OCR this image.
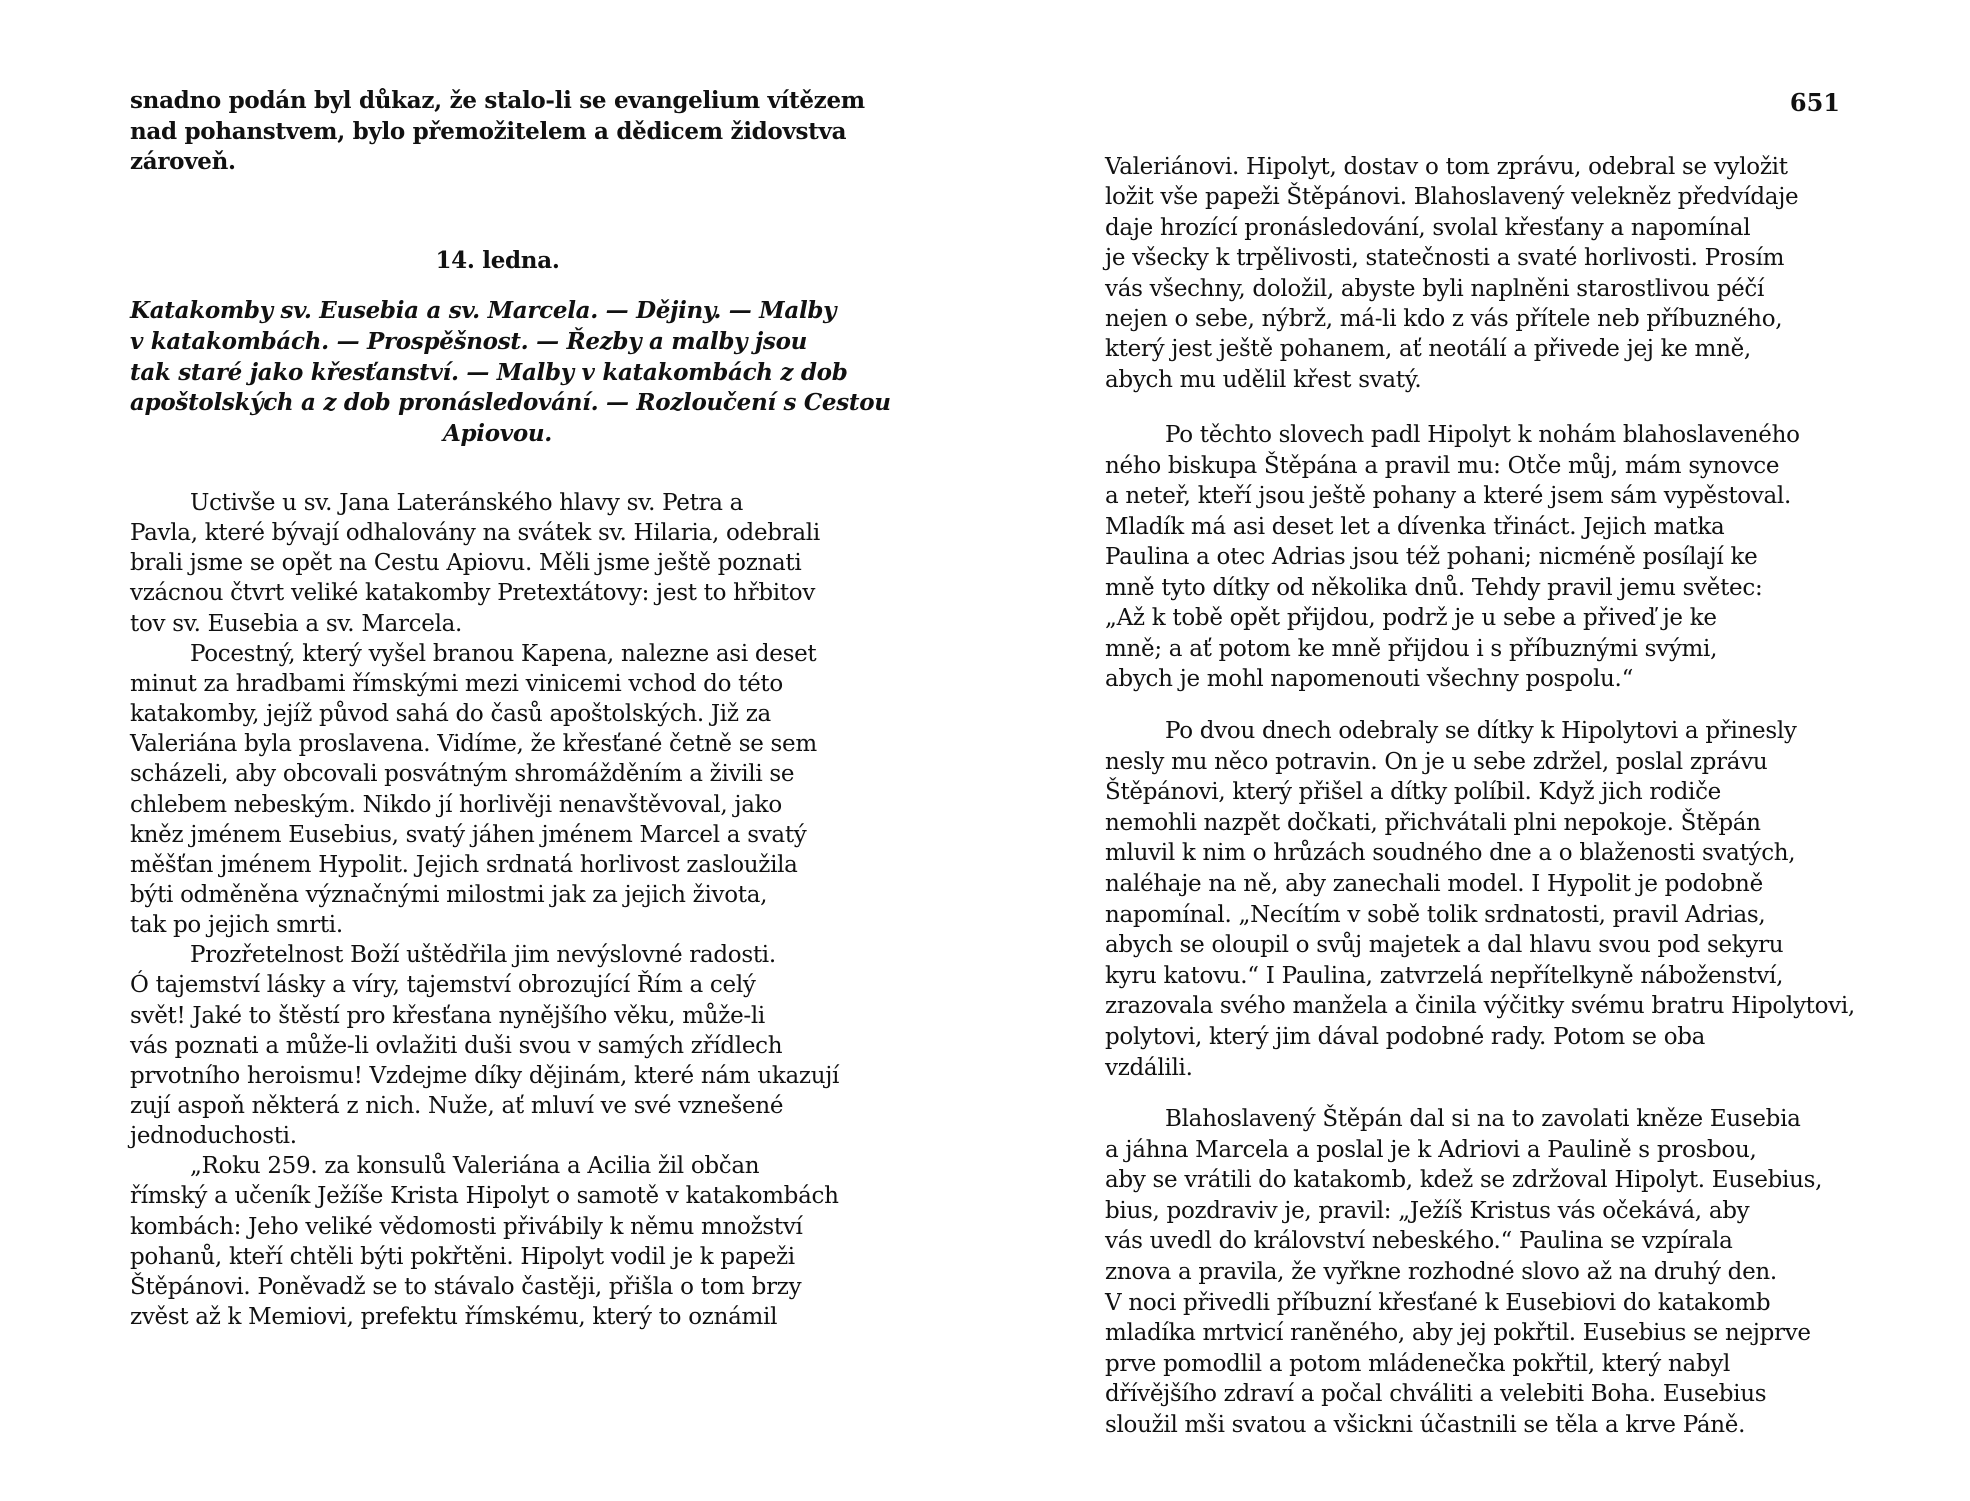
snadno podán byl důkaz, že stalo-li se evangelium vítězem
nad pohanstvem, bylo přemožitelem a dědicem židovstva
zároveň.
14. ledna.
Katakomby sv. Eusebia a sv. Marcela. — Dějiny. — Malby
v katakombách. — Prospěšnost. — Řezby a malby jsou
tak staré jako křesťanství. — Malby v katakombách z dob
apoštolských a z dob pronásledování. — Rozloučení s Cestou
Apiovou.
Uctivše u sv. Jana Lateránského hlavy sv. Petra a
Pavla, které bývají odhalovány na svátek sv. Hilaria, odebrali
brali jsme se opět na Cestu Apiovu. Měli jsme ještě poznati
vzácnou čtvrt veliké katakomby Pretextátovy: jest to hřbitov
tov sv. Eusebia a sv. Marcela.
Pocestný, který vyšel branou Kapena, nalezne asi deset
minut za hradbami římskými mezi vinicemi vchod do této
katakomby, jejíž původ sahá do časů apoštolských. Již za
Valeriána byla proslavena. Vidíme, že křesťané četně se sem
scházeli, aby obcovali posvátným shromážděním a živili se
chlebem nebeským. Nikdo jí horlivěji nenavštěvoval, jako
kněz jménem Eusebius, svatý jáhen jménem Marcel a svatý
měšťan jménem Hypolit. Jejich srdnatá horlivost zasloužila
býti odměněna význačnými milostmi jak za jejich života,
tak po jejich smrti.
Prozřetelnost Boží uštědřila jim nevýslovné radosti.
Ó tajemství lásky a víry, tajemství obrozující Řím a celý
svět! Jaké to štěstí pro křesťana nynějšího věku, může-li
vás poznati a může-li ovlažiti duši svou v samých zřídlech
prvotního heroismu! Vzdejme díky dějinám, které nám ukazují
zují aspoň některá z nich. Nuže, ať mluví ve své vznešené
jednoduchosti.
„Roku 259. za konsulů Valeriána a Acilia žil občan
římský a učeník Ježíše Krista Hipolyt o samotě v katakombách
kombách: Jeho veliké vědomosti přivábily k němu množství
pohanů, kteří chtěli býti pokřtěni. Hipolyt vodil je k papeži
Štěpánovi. Poněvadž se to stávalo častěji, přišla o tom brzy
zvěst až k Memiovi, prefektu římskému, který to oznámil
651
Valeriánovi. Hipolyt, dostav o tom zprávu, odebral se vyložit
ložit vše papeži Štěpánovi. Blahoslavený velekněz předvídaje
daje hrozící pronásledování, svolal křesťany a napomínal
je všecky k trpělivosti, statečnosti a svaté horlivosti. Prosím
vás všechny, doložil, abyste byli naplněni starostlivou péčí
nejen o sebe, nýbrž, má-li kdo z vás přítele neb příbuzného,
který jest ještě pohanem, ať neotálí a přivede jej ke mně,
abych mu udělil křest svatý.
Po těchto slovech padl Hipolyt k nohám blahoslaveného
ného biskupa Štěpána a pravil mu: Otče můj, mám synovce
a neteř, kteří jsou ještě pohany a které jsem sám vypěstoval.
Mladík má asi deset let a dívenka třináct. Jejich matka
Paulina a otec Adrias jsou též pohani; nicméně posílají ke
mně tyto dítky od několika dnů. Tehdy pravil jemu světec:
„Až k tobě opět přijdou, podrž je u sebe a přiveď je ke
mně; a ať potom ke mně přijdou i s příbuznými svými,
abych je mohl napomenouti všechny pospolu.“
Po dvou dnech odebraly se dítky k Hipolytovi a přinesly
nesly mu něco potravin. On je u sebe zdržel, poslal zprávu
Štěpánovi, který přišel a dítky políbil. Když jich rodiče
nemohli nazpět dočkati, přichvátali plni nepokoje. Štěpán
mluvil k nim o hrůzách soudného dne a o blaženosti svatých,
naléhaje na ně, aby zanechali model. I Hypolit je podobně
napomínal. „Necítím v sobě tolik srdnatosti, pravil Adrias,
abych se oloupil o svůj majetek a dal hlavu svou pod sekyru
kyru katovu.“ I Paulina, zatvrzelá nepřítelkyně náboženství,
zrazovala svého manžela a činila výčitky svému bratru Hipolytovi,
polytovi, který jim dával podobné rady. Potom se oba
vzdálili.
Blahoslavený Štěpán dal si na to zavolati kněze Eusebia
a jáhna Marcela a poslal je k Adriovi a Paulině s prosbou,
aby se vrátili do katakomb, kdež se zdržoval Hipolyt. Eusebius,
bius, pozdraviv je, pravil: „Ježíš Kristus vás očekává, aby
vás uvedl do království nebeského.“ Paulina se vzpírala
znova a pravila, že vyřkne rozhodné slovo až na druhý den.
V noci přivedli příbuzní křesťané k Eusebiovi do katakomb
mladíka mrtvicí raněného, aby jej pokřtil. Eusebius se nejprve
prve pomodlil a potom mládenečka pokřtil, který nabyl
dřívějšího zdraví a počal chváliti a velebiti Boha. Eusebius
sloužil mši svatou a všickni účastnili se těla a krve Páně.
